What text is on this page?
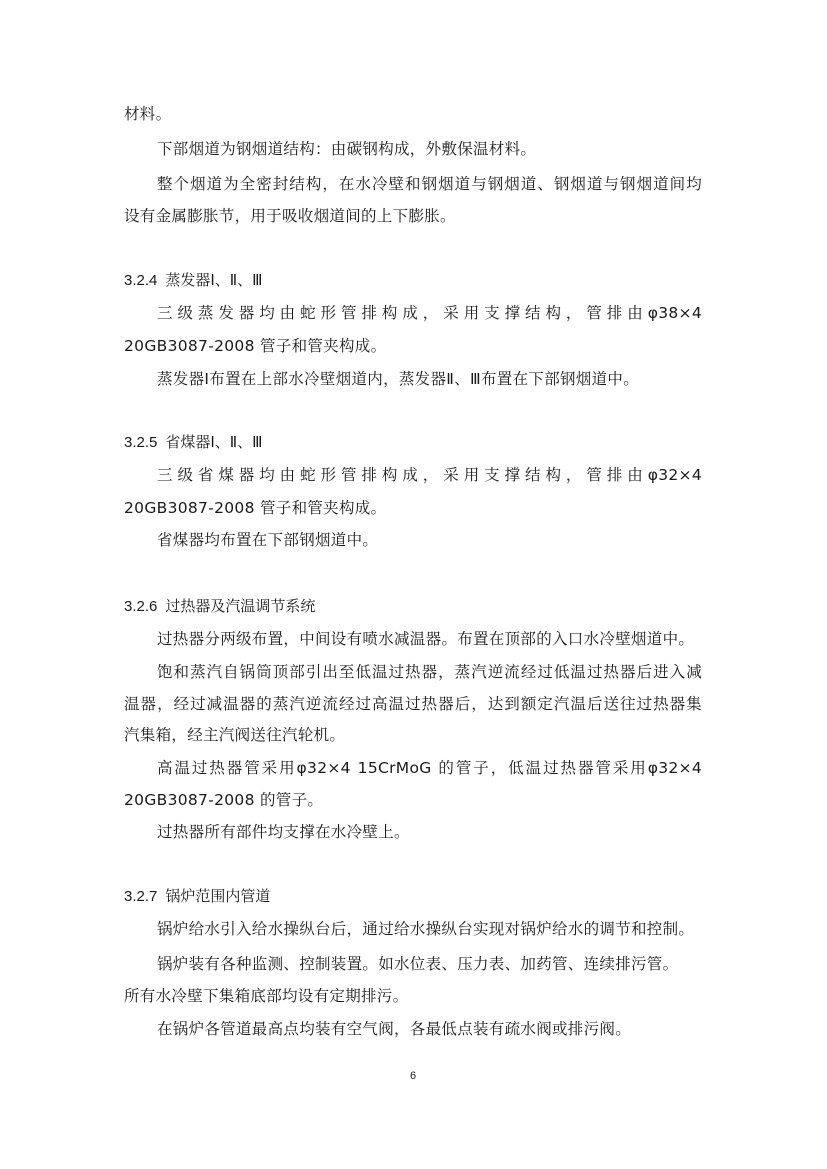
材料。
下部烟道为钢烟道结构：由碳钢构成，外敷保温材料。
整个烟道为全密封结构，在水冷壁和钢烟道与钢烟道、钢烟道与钢烟道间均
设有金属膨胀节，用于吸收烟道间的上下膨胀。
3.2.4 蒸发器Ⅰ、Ⅱ、Ⅲ
三级蒸发器均由蛇形管排构成，采用支撑结构，管排由φ38×4
20GB3087-2008 管子和管夹构成。
蒸发器Ⅰ布置在上部水冷壁烟道内，蒸发器Ⅱ、Ⅲ布置在下部钢烟道中。
3.2.5 省煤器Ⅰ、Ⅱ、Ⅲ
三级省煤器均由蛇形管排构成，采用支撑结构，管排由φ32×4
20GB3087-2008 管子和管夹构成。
省煤器均布置在下部钢烟道中。
3.2.6 过热器及汽温调节系统
过热器分两级布置，中间设有喷水减温器。布置在顶部的入口水冷壁烟道中。
饱和蒸汽自锅筒顶部引出至低温过热器，蒸汽逆流经过低温过热器后进入减
温器，经过减温器的蒸汽逆流经过高温过热器后，达到额定汽温后送往过热器集
汽集箱，经主汽阀送往汽轮机。
高温过热器管采用φ32×4 15CrMoG 的管子，低温过热器管采用φ32×4
20GB3087-2008 的管子。
过热器所有部件均支撑在水冷壁上。
3.2.7 锅炉范围内管道
锅炉给水引入给水操纵台后，通过给水操纵台实现对锅炉给水的调节和控制。
锅炉装有各种监测、控制装置。如水位表、压力表、加药管、连续排污管。
所有水冷壁下集箱底部均设有定期排污。
在锅炉各管道最高点均装有空气阀，各最低点装有疏水阀或排污阀。
6
